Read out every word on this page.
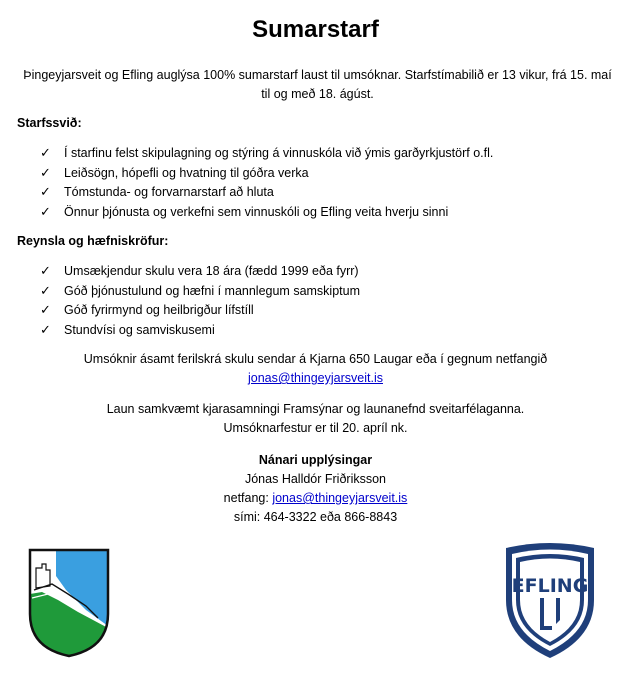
Sumarstarf
Þingeyjarsveit og Efling auglýsa 100% sumarstarf laust til umsóknar. Starfstímabilið er 13 vikur, frá 15. maí til og með 18. ágúst.
Starfssvið:
✓ Í starfinu felst skipulagning og stýring á vinnuskóla við ýmis garðyrkjustörf o.fl.
✓ Leiðsögn, hópefli og hvatning til góðra verka
✓ Tómstunda- og forvarnarstarf að hluta
✓ Önnur þjónusta og verkefni sem vinnuskóli og Efling veita hverju sinni
Reynsla og hæfniskröfur:
✓ Umsækjendur skulu vera 18 ára (fædd 1999 eða fyrr)
✓ Góð þjónustulund og hæfni í mannlegum samskiptum
✓ Góð fyrirmynd og heilbrigður lífstíll
✓ Stundvísi og samviskusemi
Umsóknir ásamt ferilskrá skulu sendar á Kjarna 650 Laugar eða í gegnum netfangið
jonas@thingeyjarsveit.is
Laun samkvæmt kjarasamningi Framsýnar og launanefnd sveitarfélaganna.
Umsóknarfestur er til 20. apríl nk.
Nánari upplýsingar
Jónas Halldór Friðriksson
netfang: jonas@thingeyjarsveit.is
sími: 464-3322 eða 866-8843
EFLING
